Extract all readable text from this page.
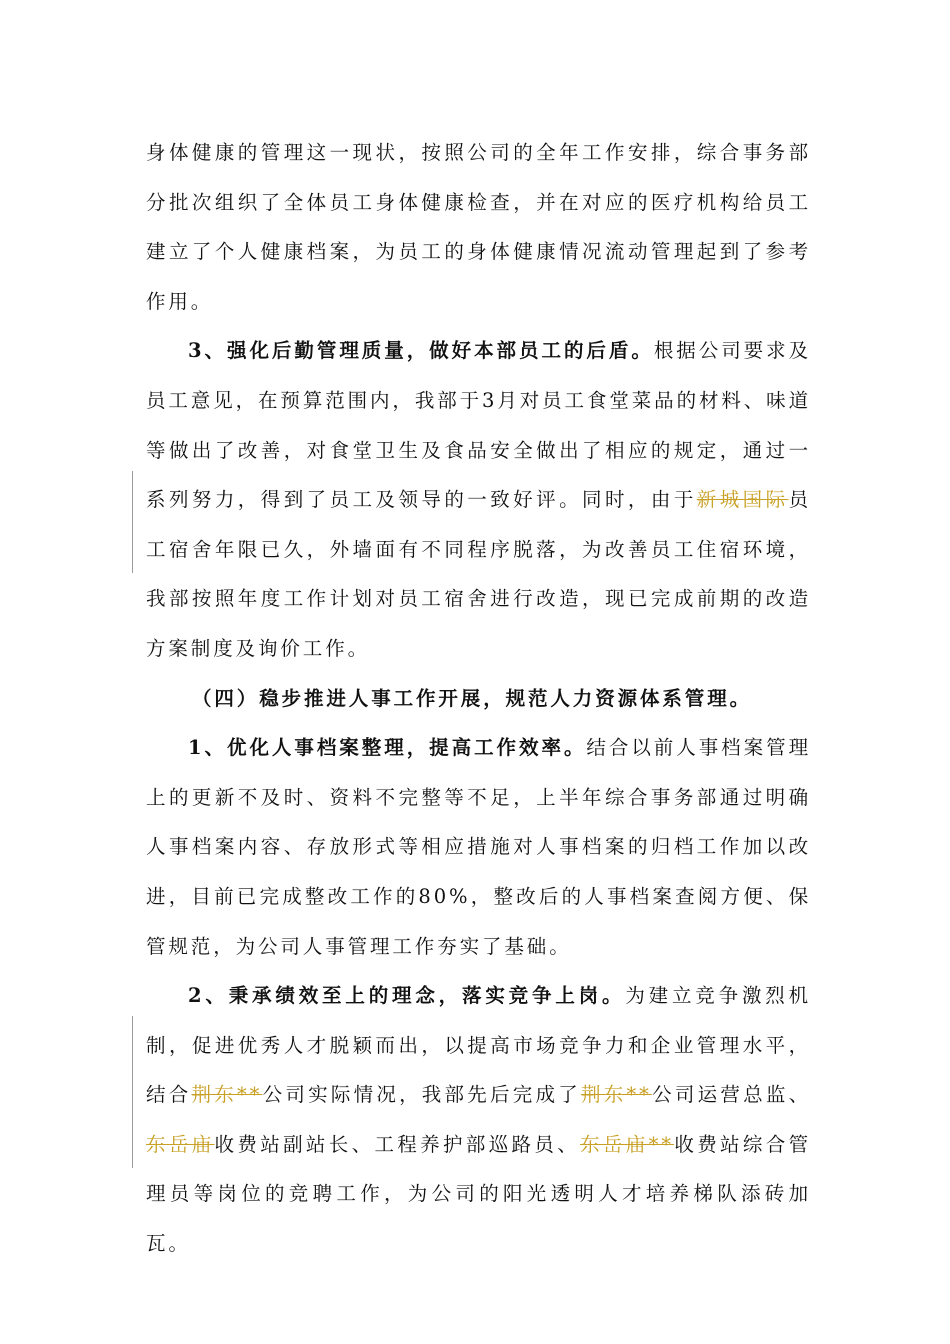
身体健康的管理这一现状，按照公司的全年工作安排，综合事务部分批次组织了全体员工身体健康检查，并在对应的医疗机构给员工建立了个人健康档案，为员工的身体健康情况流动管理起到了参考作用。

3、强化后勤管理质量，做好本部员工的后盾。根据公司要求及员工意见，在预算范围内，我部于3月对员工食堂菜品的材料、味道等做出了改善，对食堂卫生及食品安全做出了相应的规定，通过一系列努力，得到了员工及领导的一致好评。同时，由于新城国际员工宿舍年限已久，外墙面有不同程序脱落，为改善员工住宿环境，我部按照年度工作计划对员工宿舍进行改造，现已完成前期的改造方案制度及询价工作。

（四）稳步推进人事工作开展，规范人力资源体系管理。

1、优化人事档案整理，提高工作效率。结合以前人事档案管理上的更新不及时、资料不完整等不足，上半年综合事务部通过明确人事档案内容、存放形式等相应措施对人事档案的归档工作加以改进，目前已完成整改工作的80%，整改后的人事档案查阅方便、保管规范，为公司人事管理工作夯实了基础。

2、秉承绩效至上的理念，落实竞争上岗。为建立竞争激烈机制，促进优秀人才脱颖而出，以提高市场竞争力和企业管理水平，结合荆东**公司实际情况，我部先后完成了荆东**公司运营总监、东岳庙收费站副站长、工程养护部巡路员、东岳庙**收费站综合管理员等岗位的竞聘工作，为公司的阳光透明人才培养梯队添砖加瓦。
